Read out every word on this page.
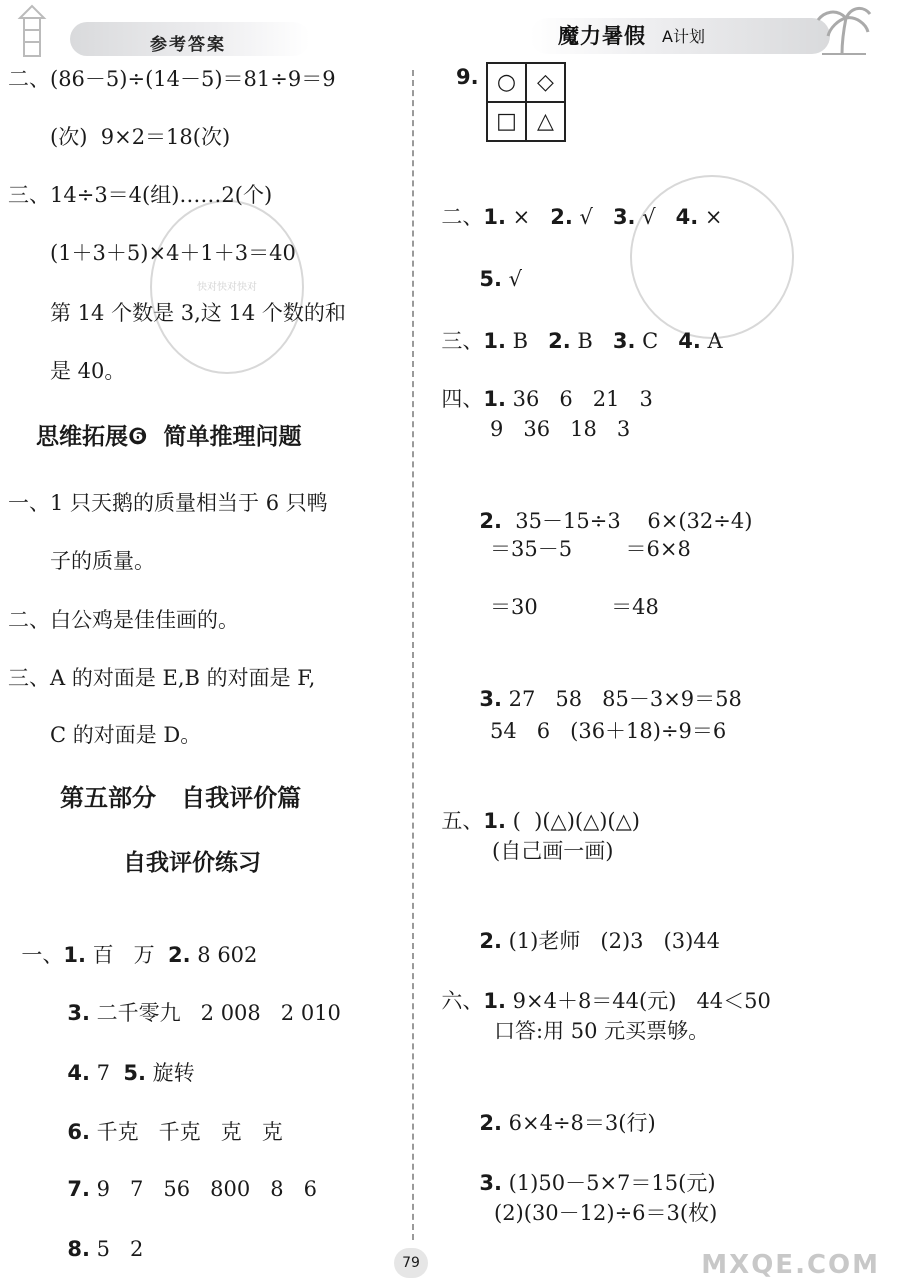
参考答案	魔力暑假 A计划
快对快对快对
二、(86－5)÷(14－5)＝81÷9＝9
(次)  9×2＝18(次)
三、14÷3＝4(组)……2(个)
(1＋3＋5)×4＋1＋3＝40
第 14 个数是 3,这 14 个数的和
是 40。
思维拓展❻  简单推理问题
一、1 只天鹅的质量相当于 6 只鸭
子的质量。
二、白公鸡是佳佳画的。
三、A 的对面是 E,B 的对面是 F,
C 的对面是 D。
第五部分   自我评价篇
自我评价练习

一、1. 百   万  2. 8 602

3. 二千零九   2 008   2 010

4. 7  5. 旋转

6. 千克   千克   克   克

7. 9   7   56   800   8   6

8. 5   2

9. ○ ◇
□ △

二、1. ×   2. √   3. √   4. ×

5. √

三、1. B   2. B   3. C   4. A

四、1. 36   6   21   3

9   36   18   3

2.  35－15÷3    6×(32÷4)

＝35－5        ＝6×8
＝30           ＝48

3. 27   58   85－3×9＝58

54   6   (36＋18)÷9＝6

五、1. (  )(△)(△)(△)

(自己画一画)

2. (1)老师   (2)3   (3)44

六、1. 9×4＋8＝44(元)   44＜50

口答:用 50 元买票够。

2. 6×4÷8＝3(行)

3. (1)50－5×7＝15(元)

(2)(30－12)÷6＝3(枚)
79	MXQE.COM
